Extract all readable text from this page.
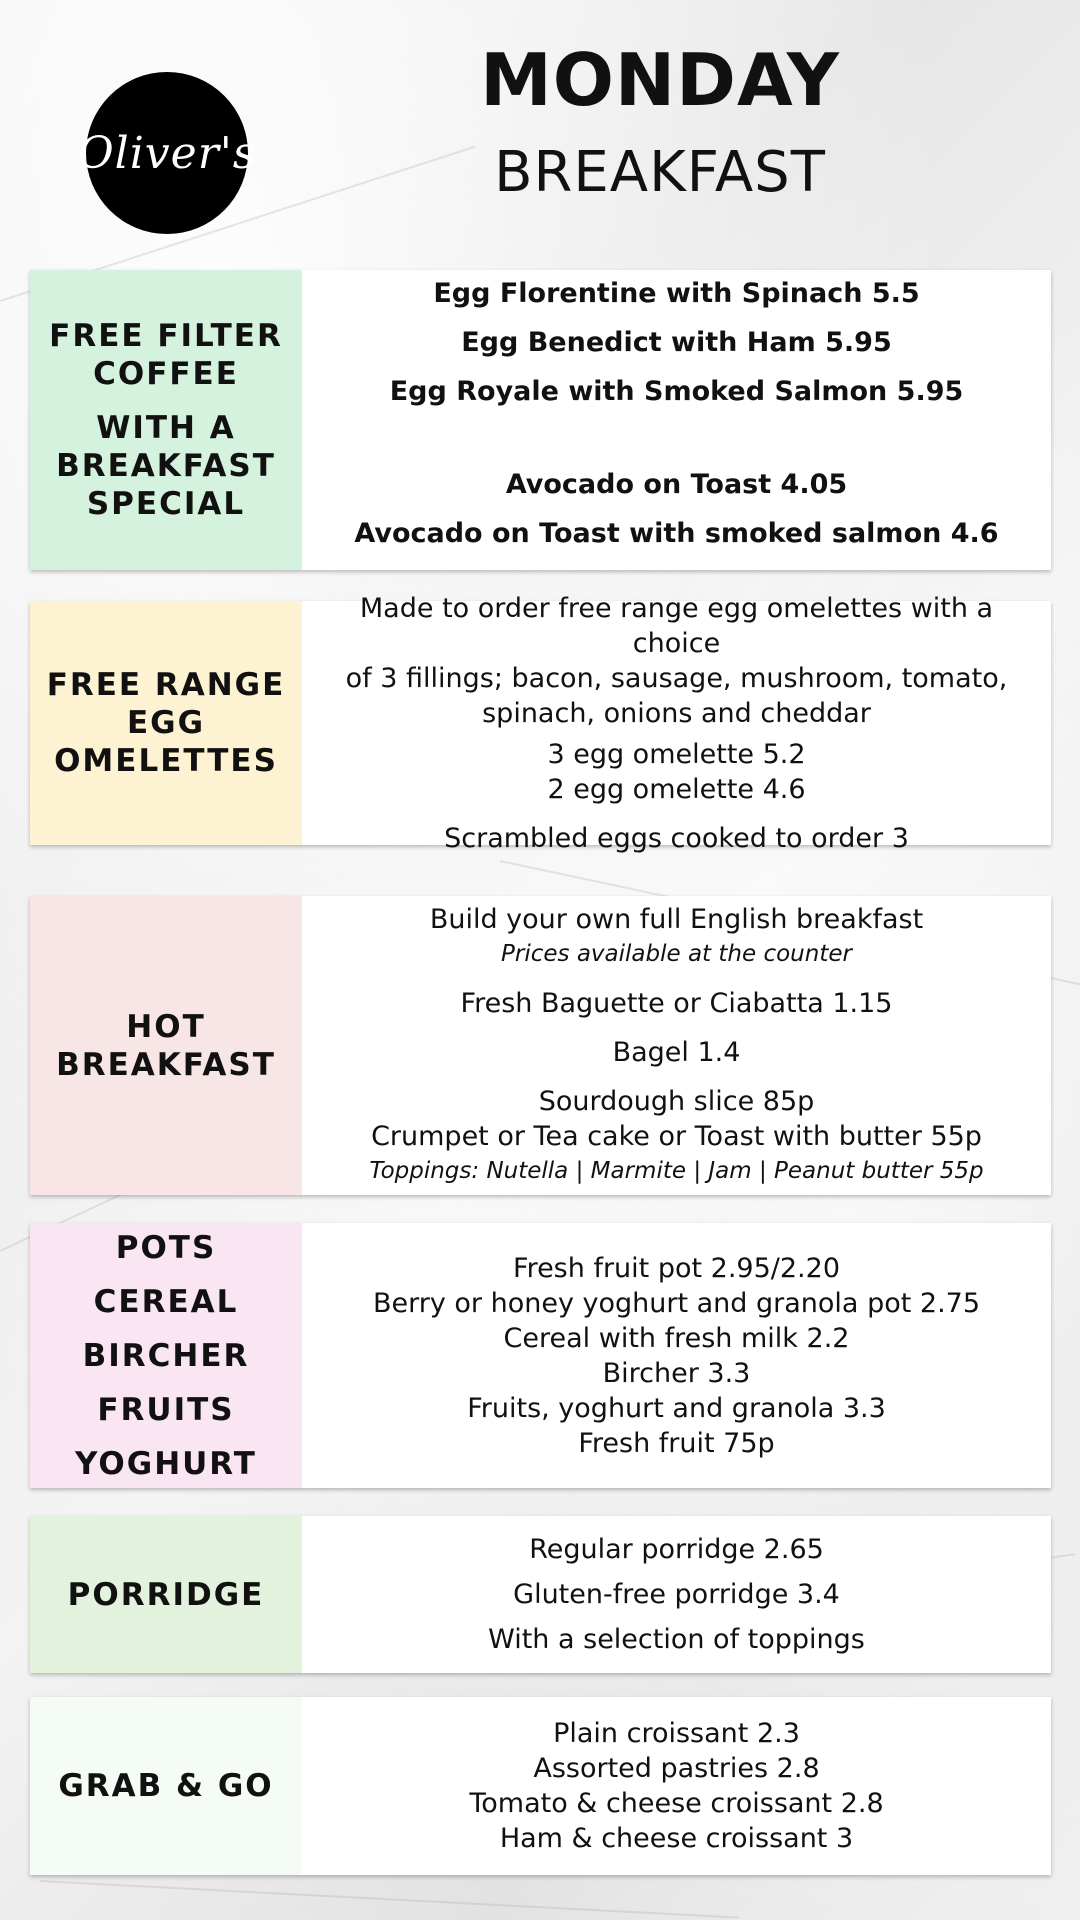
Oliver's
MONDAY
BREAKFAST
FREE FILTER
COFFEE
WITH A
BREAKFAST
SPECIAL
Egg Florentine with Spinach 5.5
Egg Benedict with Ham 5.95
Egg Royale with Smoked Salmon 5.95
Avocado on Toast 4.05
Avocado on Toast with smoked salmon 4.6
FREE RANGE
EGG
OMELETTES
Made to order free range egg omelettes with a choice
of 3 fillings; bacon, sausage, mushroom, tomato,
spinach, onions and cheddar
3 egg omelette 5.2
2 egg omelette 4.6
Scrambled eggs cooked to order 3
HOT
BREAKFAST
Build your own full English breakfast
Prices available at the counter
Fresh Baguette or Ciabatta 1.15
Bagel 1.4
Sourdough slice 85p
Crumpet or Tea cake or Toast with butter 55p
Toppings: Nutella | Marmite | Jam | Peanut butter 55p
POTS
CEREAL
BIRCHER
FRUITS
YOGHURT
Fresh fruit pot 2.95/2.20
Berry or honey yoghurt and granola pot 2.75
Cereal with fresh milk 2.2
Bircher 3.3
Fruits, yoghurt and granola 3.3
Fresh fruit 75p
PORRIDGE
Regular porridge 2.65
Gluten-free porridge 3.4
With a selection of toppings
GRAB & GO
Plain croissant 2.3
Assorted pastries 2.8
Tomato & cheese croissant 2.8
Ham & cheese croissant 3
